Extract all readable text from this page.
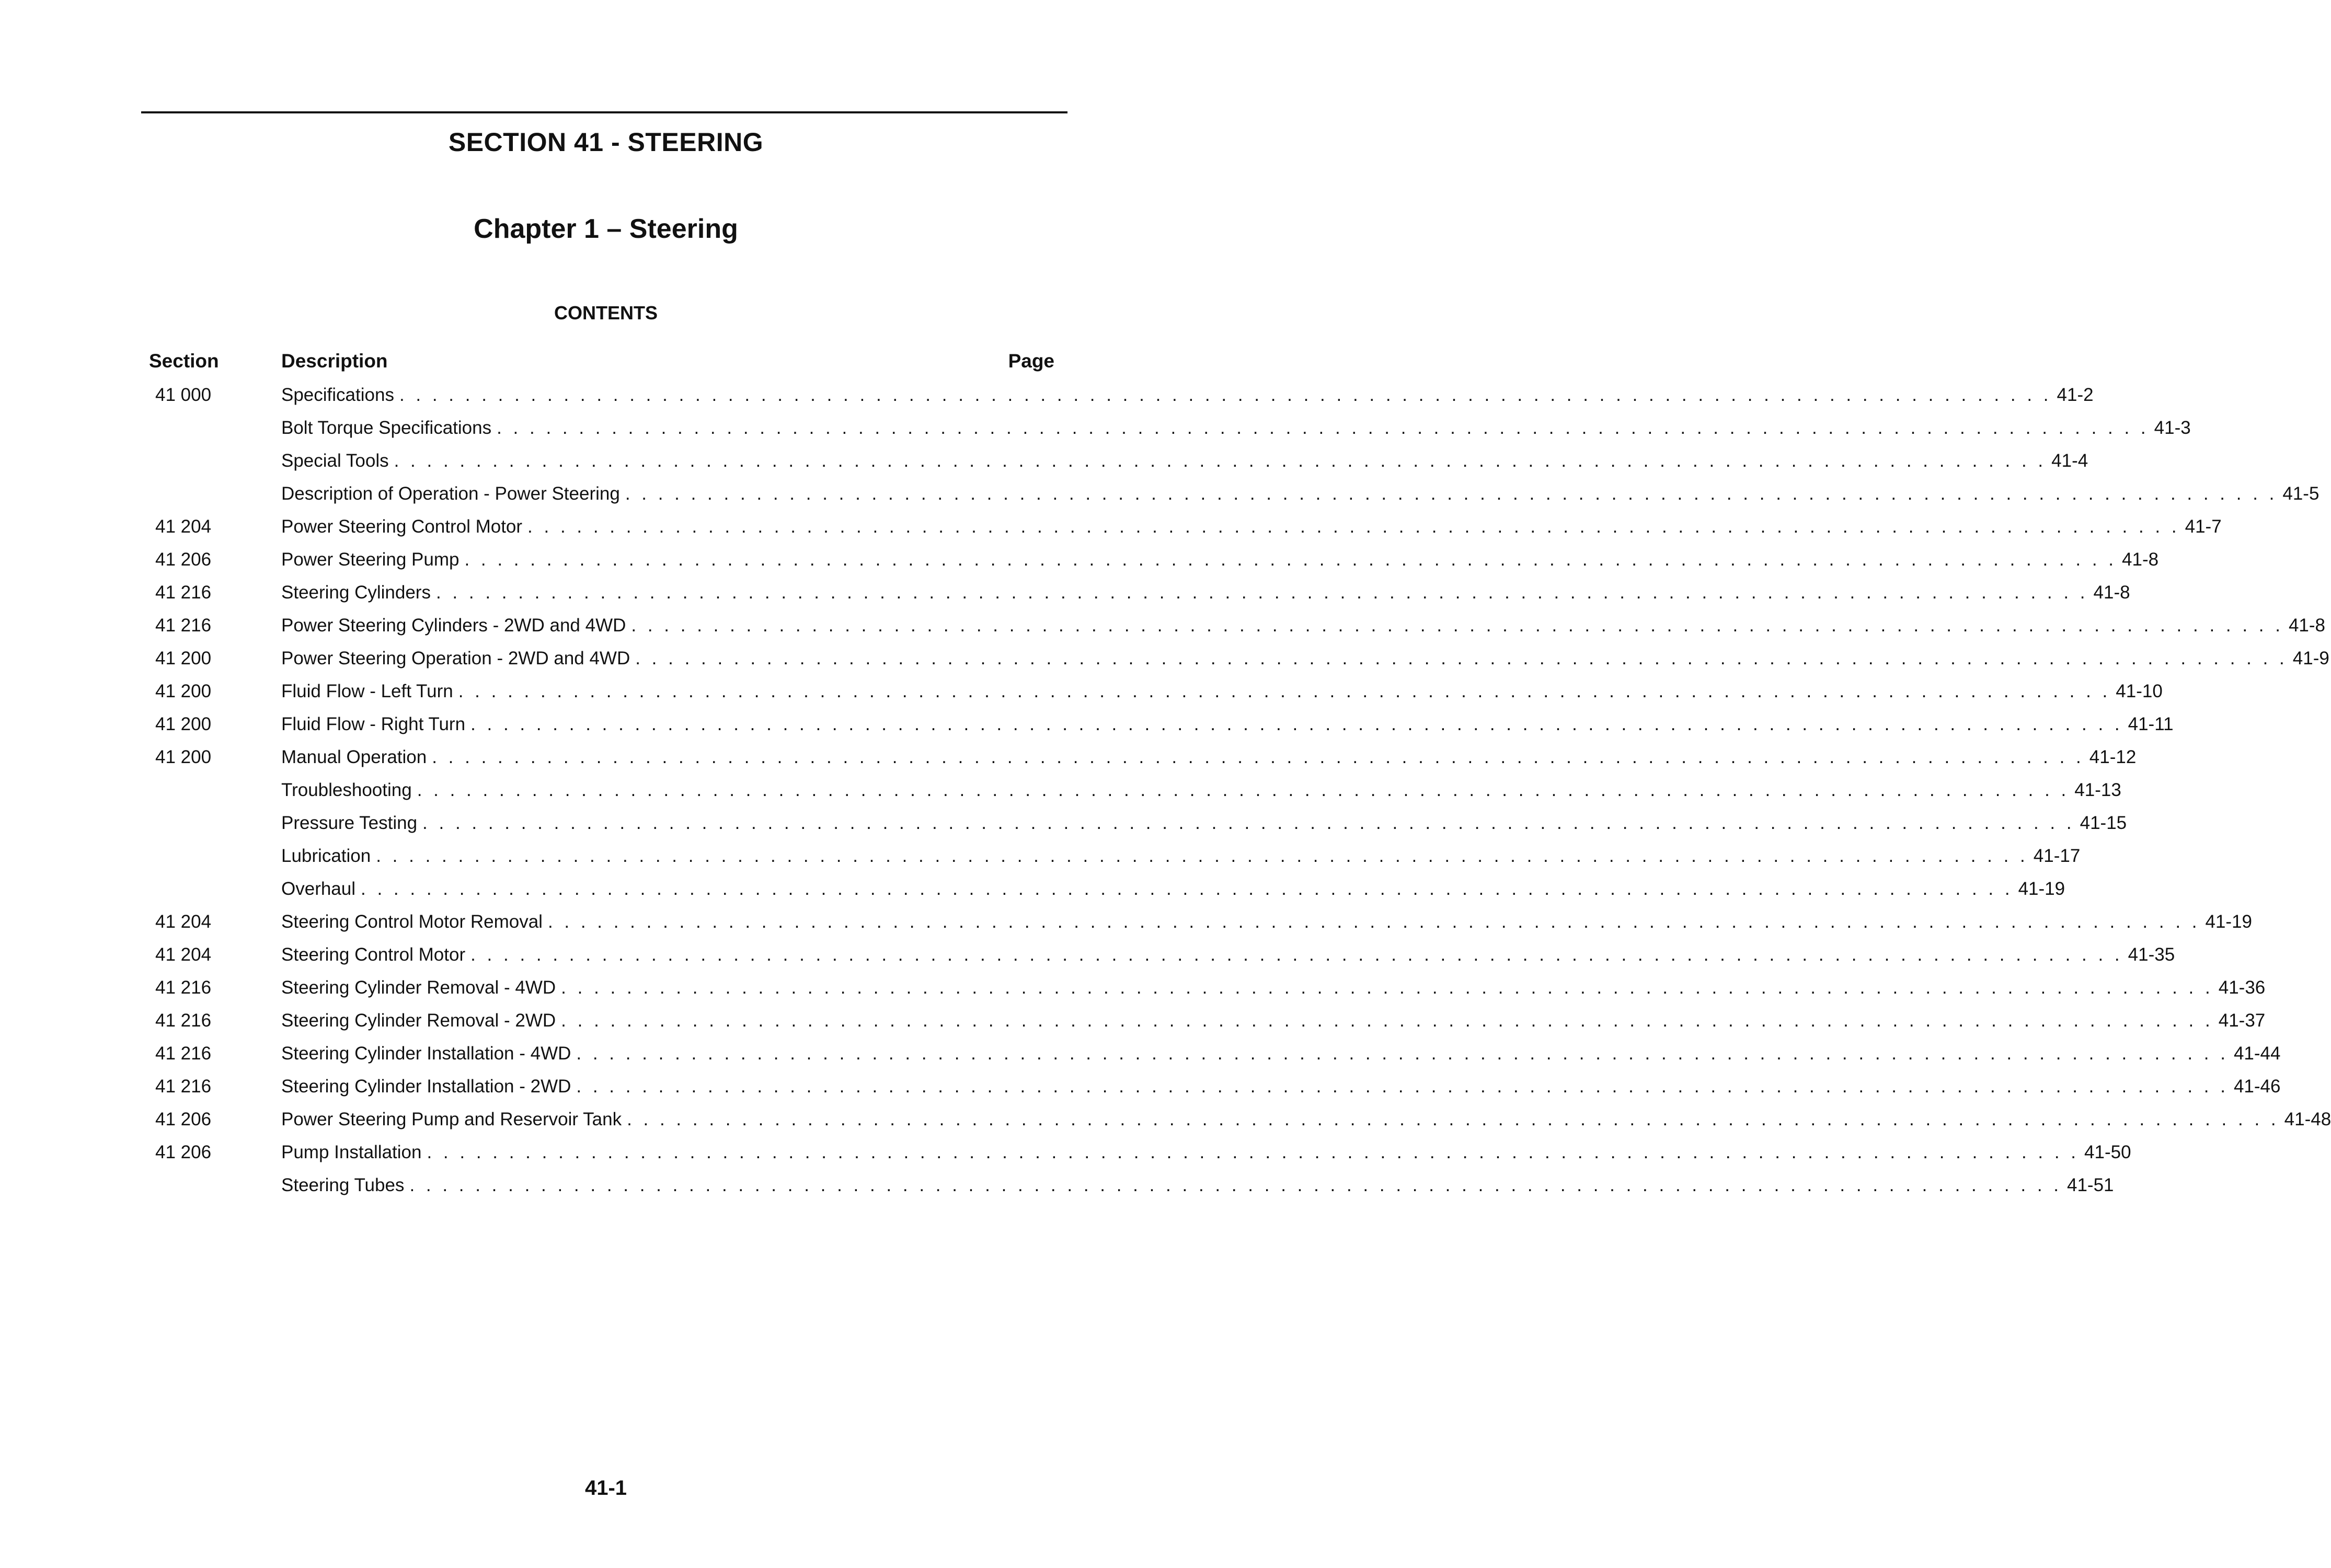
SECTION 41 - STEERING
Chapter 1 – Steering
CONTENTS
Section	Description	Page
41 000	Specifications . . . . . . . . . . . . . . . . . . . . . . . . . . . . . . . . . . . . . . . . . . . . . . . . . . . . . . . . . . . . . . . . . . . . . . . . . . . . . . . . . . . . . . . . . . . . . . . . . . . . . 41-2
Bolt Torque Specifications . . . . . . . . . . . . . . . . . . . . . . . . . . . . . . . . . . . . . . . . . . . . . . . . . . . . . . . . . . . . . . . . . . . . . . . . . . . . . . . . . . . . . . . . . . . . . . . . . . . . . 41-3
Special Tools . . . . . . . . . . . . . . . . . . . . . . . . . . . . . . . . . . . . . . . . . . . . . . . . . . . . . . . . . . . . . . . . . . . . . . . . . . . . . . . . . . . . . . . . . . . . . . . . . . . . . 41-4
Description of Operation - Power Steering . . . . . . . . . . . . . . . . . . . . . . . . . . . . . . . . . . . . . . . . . . . . . . . . . . . . . . . . . . . . . . . . . . . . . . . . . . . . . . . . . . . . . . . . . . . . . . . . . . . . . 41-5
41 204	Power Steering Control Motor . . . . . . . . . . . . . . . . . . . . . . . . . . . . . . . . . . . . . . . . . . . . . . . . . . . . . . . . . . . . . . . . . . . . . . . . . . . . . . . . . . . . . . . . . . . . . . . . . . . . . 41-7
41 206	Power Steering Pump . . . . . . . . . . . . . . . . . . . . . . . . . . . . . . . . . . . . . . . . . . . . . . . . . . . . . . . . . . . . . . . . . . . . . . . . . . . . . . . . . . . . . . . . . . . . . . . . . . . . . 41-8
41 216	Steering Cylinders . . . . . . . . . . . . . . . . . . . . . . . . . . . . . . . . . . . . . . . . . . . . . . . . . . . . . . . . . . . . . . . . . . . . . . . . . . . . . . . . . . . . . . . . . . . . . . . . . . . . . 41-8
41 216	Power Steering Cylinders - 2WD and 4WD . . . . . . . . . . . . . . . . . . . . . . . . . . . . . . . . . . . . . . . . . . . . . . . . . . . . . . . . . . . . . . . . . . . . . . . . . . . . . . . . . . . . . . . . . . . . . . . . . . . . . 41-8
41 200	Power Steering Operation - 2WD and 4WD . . . . . . . . . . . . . . . . . . . . . . . . . . . . . . . . . . . . . . . . . . . . . . . . . . . . . . . . . . . . . . . . . . . . . . . . . . . . . . . . . . . . . . . . . . . . . . . . . . . . . 41-9
41 200	Fluid Flow - Left Turn . . . . . . . . . . . . . . . . . . . . . . . . . . . . . . . . . . . . . . . . . . . . . . . . . . . . . . . . . . . . . . . . . . . . . . . . . . . . . . . . . . . . . . . . . . . . . . . . . . . . . 41-10
41 200	Fluid Flow - Right Turn . . . . . . . . . . . . . . . . . . . . . . . . . . . . . . . . . . . . . . . . . . . . . . . . . . . . . . . . . . . . . . . . . . . . . . . . . . . . . . . . . . . . . . . . . . . . . . . . . . . . . 41-11
41 200	Manual Operation . . . . . . . . . . . . . . . . . . . . . . . . . . . . . . . . . . . . . . . . . . . . . . . . . . . . . . . . . . . . . . . . . . . . . . . . . . . . . . . . . . . . . . . . . . . . . . . . . . . . . 41-12
Troubleshooting . . . . . . . . . . . . . . . . . . . . . . . . . . . . . . . . . . . . . . . . . . . . . . . . . . . . . . . . . . . . . . . . . . . . . . . . . . . . . . . . . . . . . . . . . . . . . . . . . . . . . 41-13
Pressure Testing . . . . . . . . . . . . . . . . . . . . . . . . . . . . . . . . . . . . . . . . . . . . . . . . . . . . . . . . . . . . . . . . . . . . . . . . . . . . . . . . . . . . . . . . . . . . . . . . . . . . . 41-15
Lubrication . . . . . . . . . . . . . . . . . . . . . . . . . . . . . . . . . . . . . . . . . . . . . . . . . . . . . . . . . . . . . . . . . . . . . . . . . . . . . . . . . . . . . . . . . . . . . . . . . . . . . 41-17
Overhaul . . . . . . . . . . . . . . . . . . . . . . . . . . . . . . . . . . . . . . . . . . . . . . . . . . . . . . . . . . . . . . . . . . . . . . . . . . . . . . . . . . . . . . . . . . . . . . . . . . . . . 41-19
41 204	Steering Control Motor Removal . . . . . . . . . . . . . . . . . . . . . . . . . . . . . . . . . . . . . . . . . . . . . . . . . . . . . . . . . . . . . . . . . . . . . . . . . . . . . . . . . . . . . . . . . . . . . . . . . . . . . 41-19
41 204	Steering Control Motor . . . . . . . . . . . . . . . . . . . . . . . . . . . . . . . . . . . . . . . . . . . . . . . . . . . . . . . . . . . . . . . . . . . . . . . . . . . . . . . . . . . . . . . . . . . . . . . . . . . . . 41-35
41 216	Steering Cylinder Removal - 4WD . . . . . . . . . . . . . . . . . . . . . . . . . . . . . . . . . . . . . . . . . . . . . . . . . . . . . . . . . . . . . . . . . . . . . . . . . . . . . . . . . . . . . . . . . . . . . . . . . . . . . 41-36
41 216	Steering Cylinder Removal - 2WD . . . . . . . . . . . . . . . . . . . . . . . . . . . . . . . . . . . . . . . . . . . . . . . . . . . . . . . . . . . . . . . . . . . . . . . . . . . . . . . . . . . . . . . . . . . . . . . . . . . . . 41-37
41 216	Steering Cylinder Installation - 4WD . . . . . . . . . . . . . . . . . . . . . . . . . . . . . . . . . . . . . . . . . . . . . . . . . . . . . . . . . . . . . . . . . . . . . . . . . . . . . . . . . . . . . . . . . . . . . . . . . . . . . 41-44
41 216	Steering Cylinder Installation - 2WD . . . . . . . . . . . . . . . . . . . . . . . . . . . . . . . . . . . . . . . . . . . . . . . . . . . . . . . . . . . . . . . . . . . . . . . . . . . . . . . . . . . . . . . . . . . . . . . . . . . . . 41-46
41 206	Power Steering Pump and Reservoir Tank . . . . . . . . . . . . . . . . . . . . . . . . . . . . . . . . . . . . . . . . . . . . . . . . . . . . . . . . . . . . . . . . . . . . . . . . . . . . . . . . . . . . . . . . . . . . . . . . . . . . . 41-48
41 206	Pump Installation . . . . . . . . . . . . . . . . . . . . . . . . . . . . . . . . . . . . . . . . . . . . . . . . . . . . . . . . . . . . . . . . . . . . . . . . . . . . . . . . . . . . . . . . . . . . . . . . . . . . . 41-50
Steering Tubes . . . . . . . . . . . . . . . . . . . . . . . . . . . . . . . . . . . . . . . . . . . . . . . . . . . . . . . . . . . . . . . . . . . . . . . . . . . . . . . . . . . . . . . . . . . . . . . . . . . . . 41-51
41-1
